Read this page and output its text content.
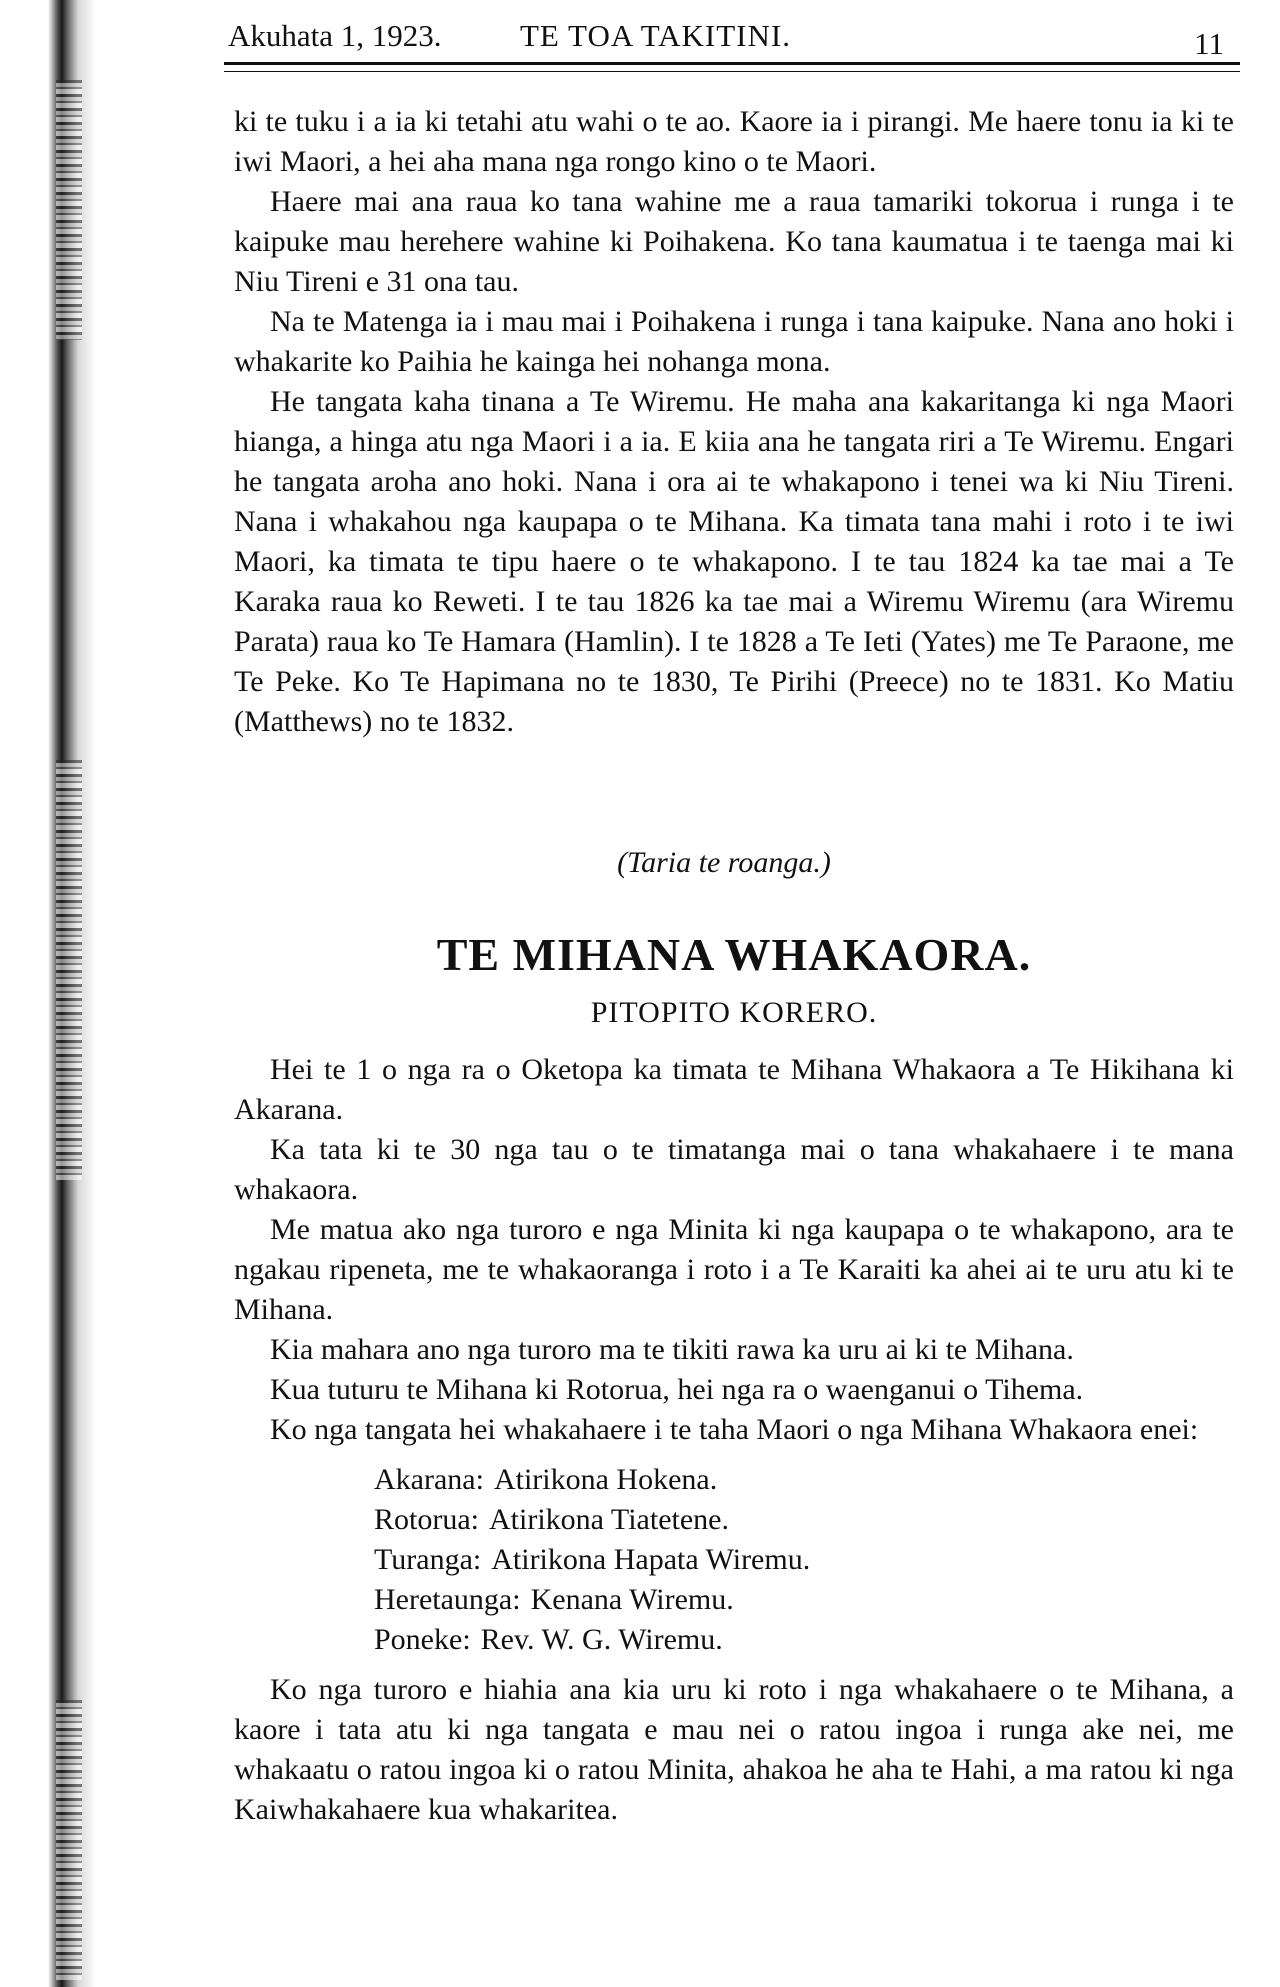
Akuhata 1, 1923.	TE TOA TAKITINI.	11

ki te tuku i a ia ki tetahi atu wahi o te ao. Kaore ia i pirangi. Me haere tonu ia ki te iwi Maori, a hei aha mana nga rongo kino o te Maori.

Haere mai ana raua ko tana wahine me a raua tamariki tokorua i runga i te kaipuke mau herehere wahine ki Poihakena. Ko tana kaumatua i te taenga mai ki Niu Tireni e 31 ona tau.

Na te Matenga ia i mau mai i Poihakena i runga i tana kaipuke. Nana ano hoki i whakarite ko Paihia he kainga hei nohanga mona.

He tangata kaha tinana a Te Wiremu. He maha ana kakaritanga ki nga Maori hianga, a hinga atu nga Maori i a ia. E kiia ana he tangata riri a Te Wiremu. Engari he tangata aroha ano hoki. Nana i ora ai te whakapono i tenei wa ki Niu Tireni. Nana i whakahou nga kaupapa o te Mihana. Ka timata tana mahi i roto i te iwi Maori, ka timata te tipu haere o te whakapono. I te tau 1824 ka tae mai a Te Karaka raua ko Reweti. I te tau 1826 ka tae mai a Wiremu Wiremu (ara Wiremu Parata) raua ko Te Hamara (Hamlin). I te 1828 a Te Ieti (Yates) me Te Paraone, me Te Peke. Ko Te Hapimana no te 1830, Te Pirihi (Preece) no te 1831. Ko Matiu (Matthews) no te 1832.

(Taria te roanga.)
TE MIHANA WHAKAORA.
PITOPITO KORERO.

Hei te 1 o nga ra o Oketopa ka timata te Mihana Whakaora a Te Hikihana ki Akarana.

Ka tata ki te 30 nga tau o te timatanga mai o tana whakahaere i te mana whakaora.

Me matua ako nga turoro e nga Minita ki nga kaupapa o te whakapono, ara te ngakau ripeneta, me te whakaoranga i roto i a Te Karaiti ka ahei ai te uru atu ki te Mihana.

Kia mahara ano nga turoro ma te tikiti rawa ka uru ai ki te Mihana.

Kua tuturu te Mihana ki Rotorua, hei nga ra o waenganui o Tihema.

Ko nga tangata hei whakahaere i te taha Maori o nga Mihana Whakaora enei:

Akarana: Atirikona Hokena.
Rotorua: Atirikona Tiatetene.
Turanga: Atirikona Hapata Wiremu.
Heretaunga: Kenana Wiremu.
Poneke: Rev. W. G. Wiremu.

Ko nga turoro e hiahia ana kia uru ki roto i nga whakahaere o te Mihana, a kaore i tata atu ki nga tangata e mau nei o ratou ingoa i runga ake nei, me whakaatu o ratou ingoa ki o ratou Minita, ahakoa he aha te Hahi, a ma ratou ki nga Kaiwhakahaere kua whakaritea.
